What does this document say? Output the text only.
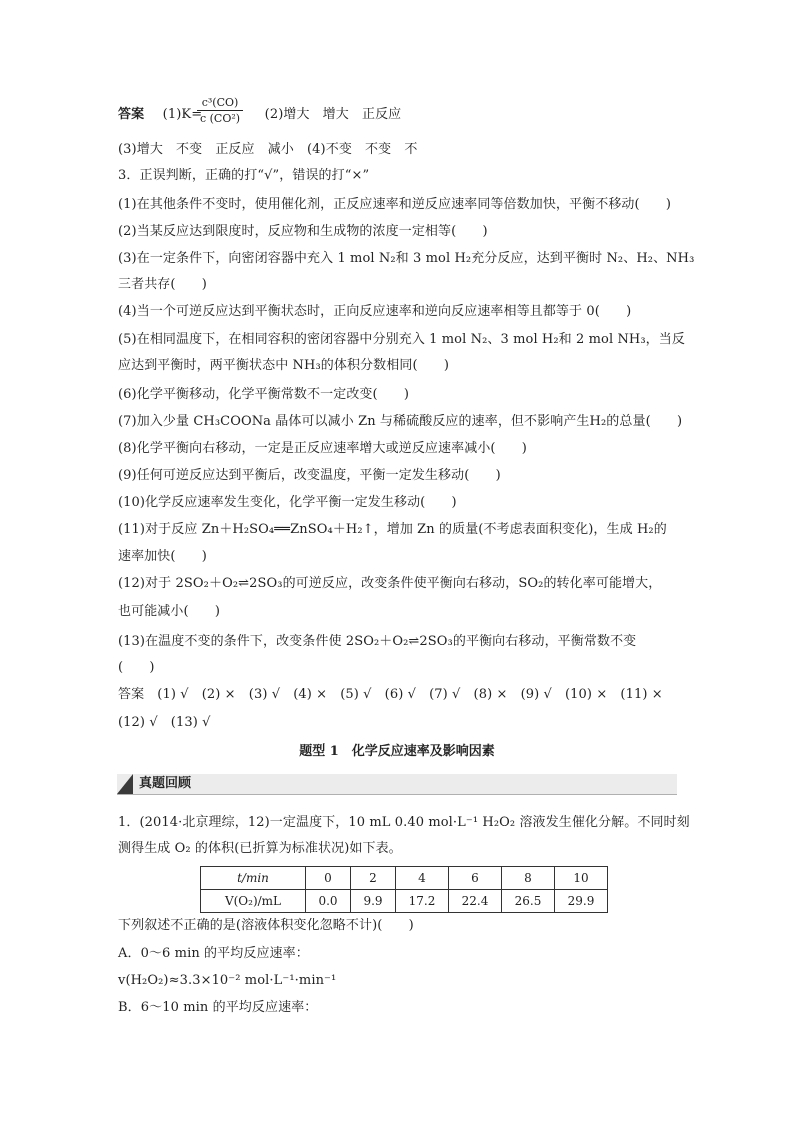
答案 (1)K=	(2)增大　增大　正反应
$\frac{\text{c³(CO)}}{\text{c (CO²)}}$
(3)增大　不变　正反应　减小　(4)不变　不变　不
3．正误判断，正确的打“√”，错误的打“×”
(1)在其他条件不变时，使用催化剂，正反应速率和逆反应速率同等倍数加快，平衡不移动(　　)
(2)当某反应达到限度时，反应物和生成物的浓度一定相等(　　)
(3)在一定条件下，向密闭容器中充入 1 mol N₂和 3 mol H₂充分反应，达到平衡时 N₂、H₂、NH₃
三者共存(　　)
(4)当一个可逆反应达到平衡状态时，正向反应速率和逆向反应速率相等且都等于 0(　　)
(5)在相同温度下，在相同容积的密闭容器中分别充入 1 mol N₂、3 mol H₂和 2 mol NH₃，当反
应达到平衡时，两平衡状态中 NH₃的体积分数相同(　　)
(6)化学平衡移动，化学平衡常数不一定改变(　　)
(7)加入少量 CH₃COONa 晶体可以减小 Zn 与稀硫酸反应的速率，但不影响产生H₂的总量(　　)
(8)化学平衡向右移动，一定是正反应速率增大或逆反应速率减小(　　)
(9)任何可逆反应达到平衡后，改变温度，平衡一定发生移动(　　)
(10)化学反应速率发生变化，化学平衡一定发生移动(　　)
(11)对于反应 Zn＋H₂SO₄══ZnSO₄＋H₂↑，增加 Zn 的质量(不考虑表面积变化)，生成 H₂的
速率加快(　　)
(12)对于 2SO₂＋O₂⇌2SO₃的可逆反应，改变条件使平衡向右移动，SO₂的转化率可能增大，
也可能减小(　　)
(13)在温度不变的条件下，改变条件使 2SO₂＋O₂⇌2SO₃的平衡向右移动，平衡常数不变
(　　)
答案　(1) √　(2) ×　(3) √　(4) ×　(5) √　(6) √　(7) √　(8) ×　(9) √　(10) ×　(11) ×
(12) √　(13) √
题型 1　化学反应速率及影响因素
真题回顾
1．(2014·北京理综，12)一定温度下，10 mL 0.40 mol·L⁻¹ H₂O₂ 溶液发生催化分解。不同时刻
测得生成 O₂ 的体积(已折算为标准状况)如下表。
t/min	0	2	4	6	8	10
V(O₂)/mL	0.0	9.9	17.2	22.4	26.5	29.9
下列叙述不正确的是(溶液体积变化忽略不计)(　　)
A．0～6 min 的平均反应速率：
v(H₂O₂)≈3.3×10⁻² mol·L⁻¹·min⁻¹
B．6～10 min 的平均反应速率：
